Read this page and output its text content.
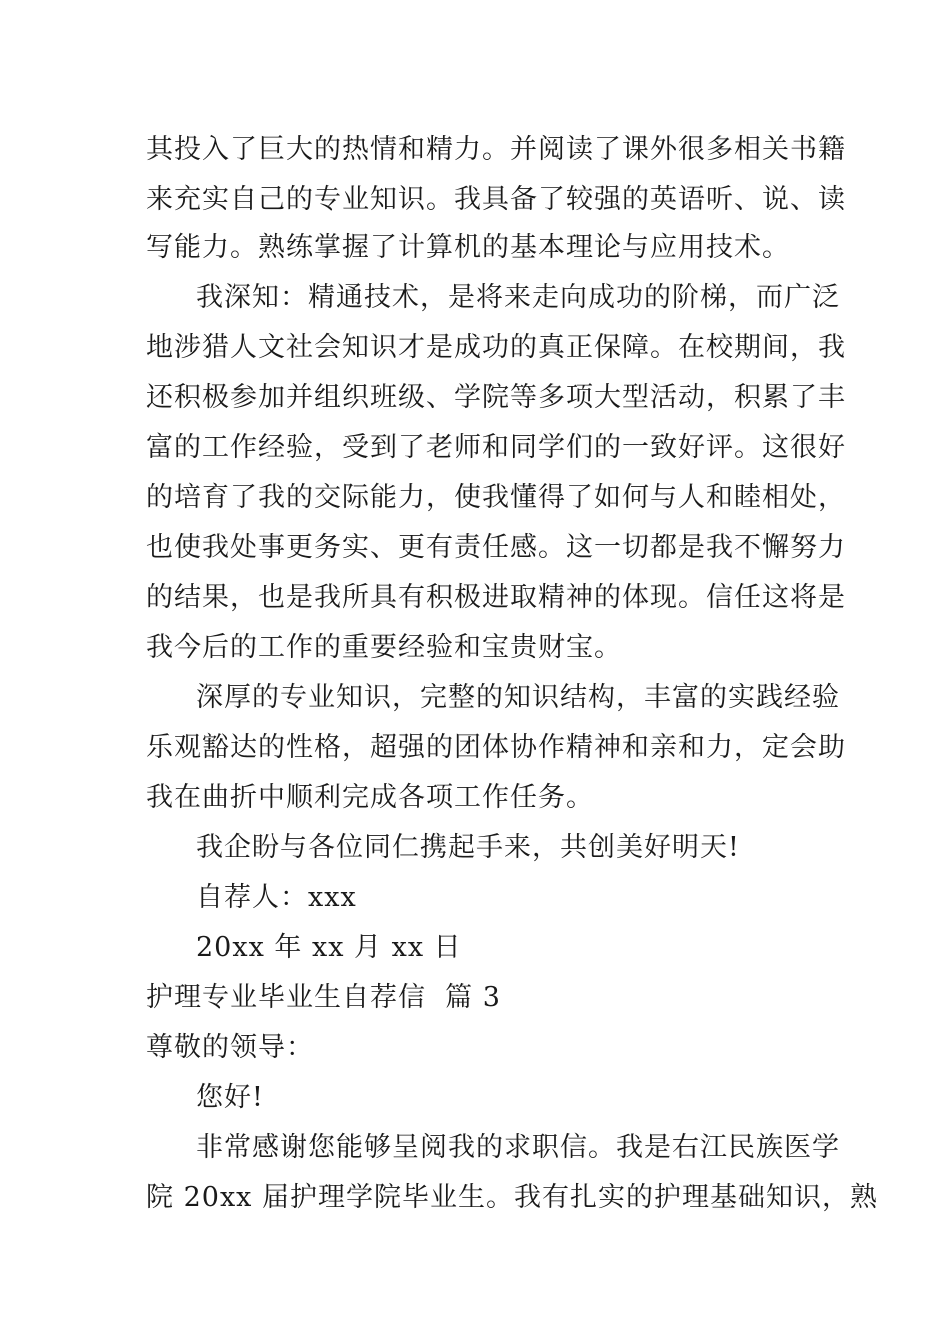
其投入了巨大的热情和精力。并阅读了课外很多相关书籍
来充实自己的专业知识。我具备了较强的英语听、说、读
写能力。熟练掌握了计算机的基本理论与应用技术。
我深知：精通技术，是将来走向成功的阶梯，而广泛
地涉猎人文社会知识才是成功的真正保障。在校期间，我
还积极参加并组织班级、学院等多项大型活动，积累了丰
富的工作经验，受到了老师和同学们的一致好评。这很好
的培育了我的交际能力，使我懂得了如何与人和睦相处，
也使我处事更务实、更有责任感。这一切都是我不懈努力
的结果，也是我所具有积极进取精神的体现。信任这将是
我今后的工作的重要经验和宝贵财宝。
深厚的专业知识，完整的知识结构，丰富的实践经验
乐观豁达的性格，超强的团体协作精神和亲和力，定会助
我在曲折中顺利完成各项工作任务。
我企盼与各位同仁携起手来，共创美好明天!
自荐人：xxx
20xx 年 xx 月 xx 日
护理专业毕业生自荐信  篇 3
尊敬的领导：
您好!
非常感谢您能够呈阅我的求职信。我是右江民族医学
院 20xx 届护理学院毕业生。我有扎实的护理基础知识，熟
